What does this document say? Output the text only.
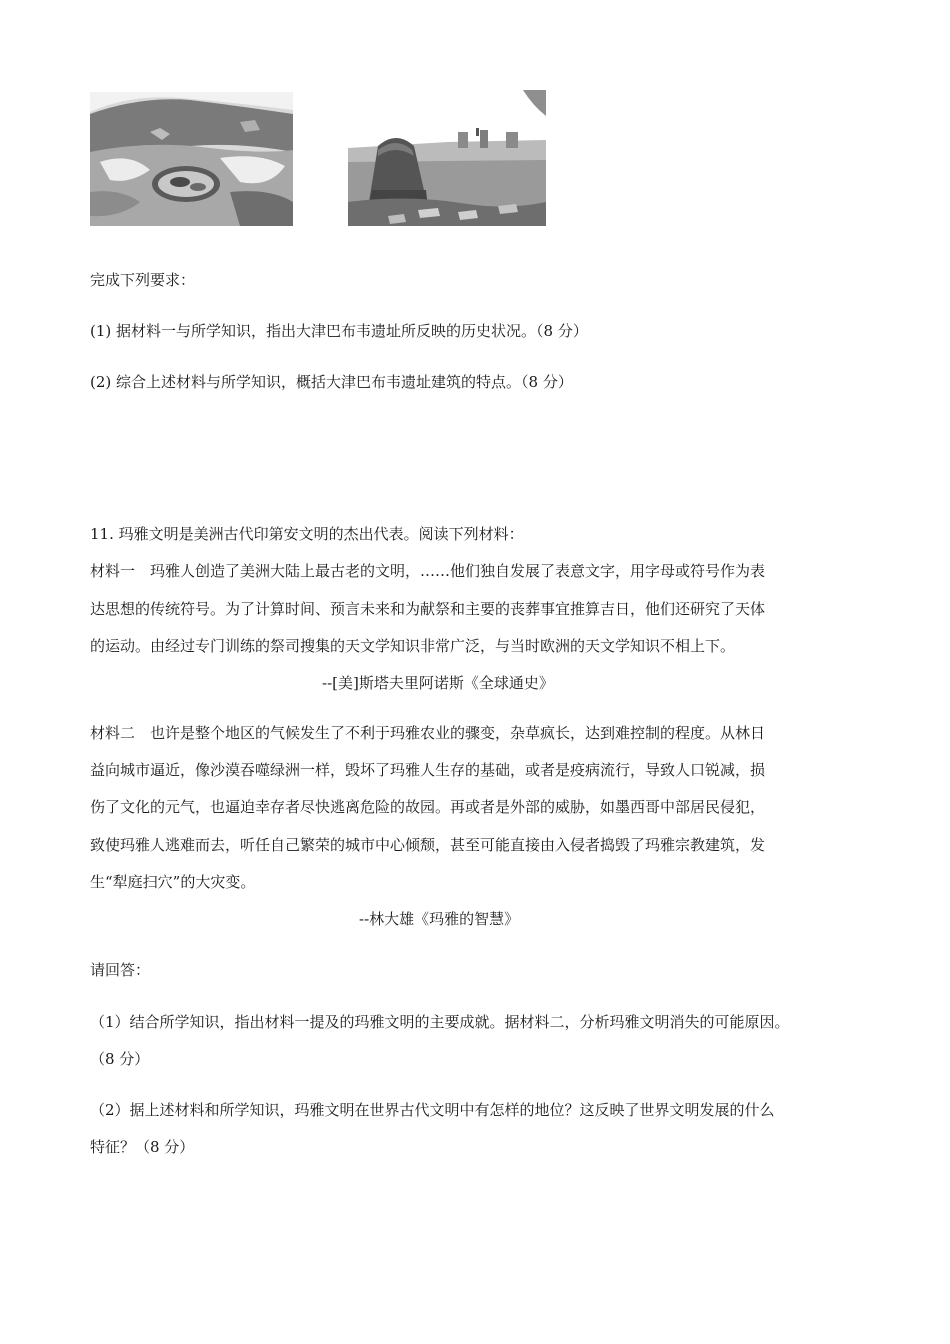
完成下列要求：
(1) 据材料一与所学知识，指出大津巴布韦遗址所反映的历史状况。（8 分）
(2) 综合上述材料与所学知识，概括大津巴布韦遗址建筑的特点。（8 分）
11. 玛雅文明是美洲古代印第安文明的杰出代表。阅读下列材料：
材料一　玛雅人创造了美洲大陆上最古老的文明，……他们独自发展了表意文字，用字母或符号作为表
达思想的传统符号。为了计算时间、预言未来和为献祭和主要的丧葬事宜推算吉日，他们还研究了天体
的运动。由经过专门训练的祭司搜集的天文学知识非常广泛，与当时欧洲的天文学知识不相上下。
--[美]斯塔夫里阿诺斯《全球通史》
材料二　也许是整个地区的气候发生了不利于玛雅农业的骤变，杂草疯长，达到难控制的程度。从林日
益向城市逼近，像沙漠吞噬绿洲一样，毁坏了玛雅人生存的基础，或者是疫病流行，导致人口锐减，损
伤了文化的元气，也逼迫幸存者尽快逃离危险的故园。再或者是外部的威胁，如墨西哥中部居民侵犯，
致使玛雅人逃难而去，听任自己繁荣的城市中心倾颓，甚至可能直接由入侵者捣毁了玛雅宗教建筑，发
生“犁庭扫穴”的大灾变。
--林大雄《玛雅的智慧》
请回答：
（1）结合所学知识，指出材料一提及的玛雅文明的主要成就。据材料二，分析玛雅文明消失的可能原因。
（8 分）
（2）据上述材料和所学知识，玛雅文明在世界古代文明中有怎样的地位？这反映了世界文明发展的什么
特征？（8 分）
